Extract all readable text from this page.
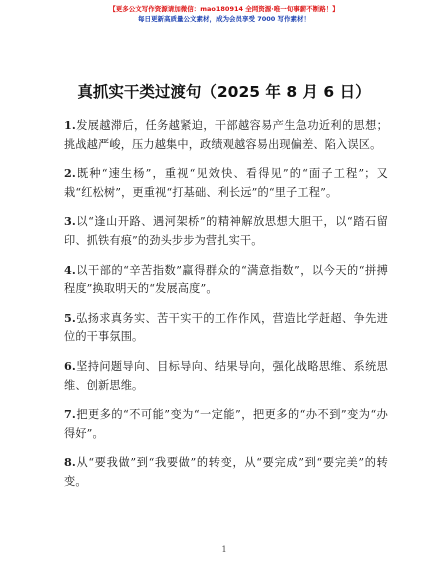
【更多公文写作资源请加微信：mao180914 全网资源·唯一旬事薪不断路！】
每日更新高质量公文素材，成为会员享受 7000 写作素材！
真抓实干类过渡句（2025 年 8 月 6 日）

1.发展越滞后，任务越紧迫，干部越容易产生急功近利的思想；挑战越严峻，压力越集中，政绩观越容易出现偏差、陷入误区。

2.既种“速生杨”，重视“见效快、看得见”的“面子工程”；又栽“红松树”，更重视“打基础、利长远”的“里子工程”。

3.以“逢山开路、遇河架桥”的精神解放思想大胆干，以“踏石留印、抓铁有痕”的劲头步步为营扎实干。

4.以干部的“辛苦指数”赢得群众的“满意指数”，以今天的“拼搏程度”换取明天的“发展高度”。

5.弘扬求真务实、苦干实干的工作作风，营造比学赶超、争先进位的干事氛围。

6.坚持问题导向、目标导向、结果导向，强化战略思维、系统思维、创新思维。

7.把更多的“不可能”变为“一定能”，把更多的“办不到”变为“办得好”。

8.从“要我做”到“我要做”的转变，从“要完成”到“要完美”的转变。

1
